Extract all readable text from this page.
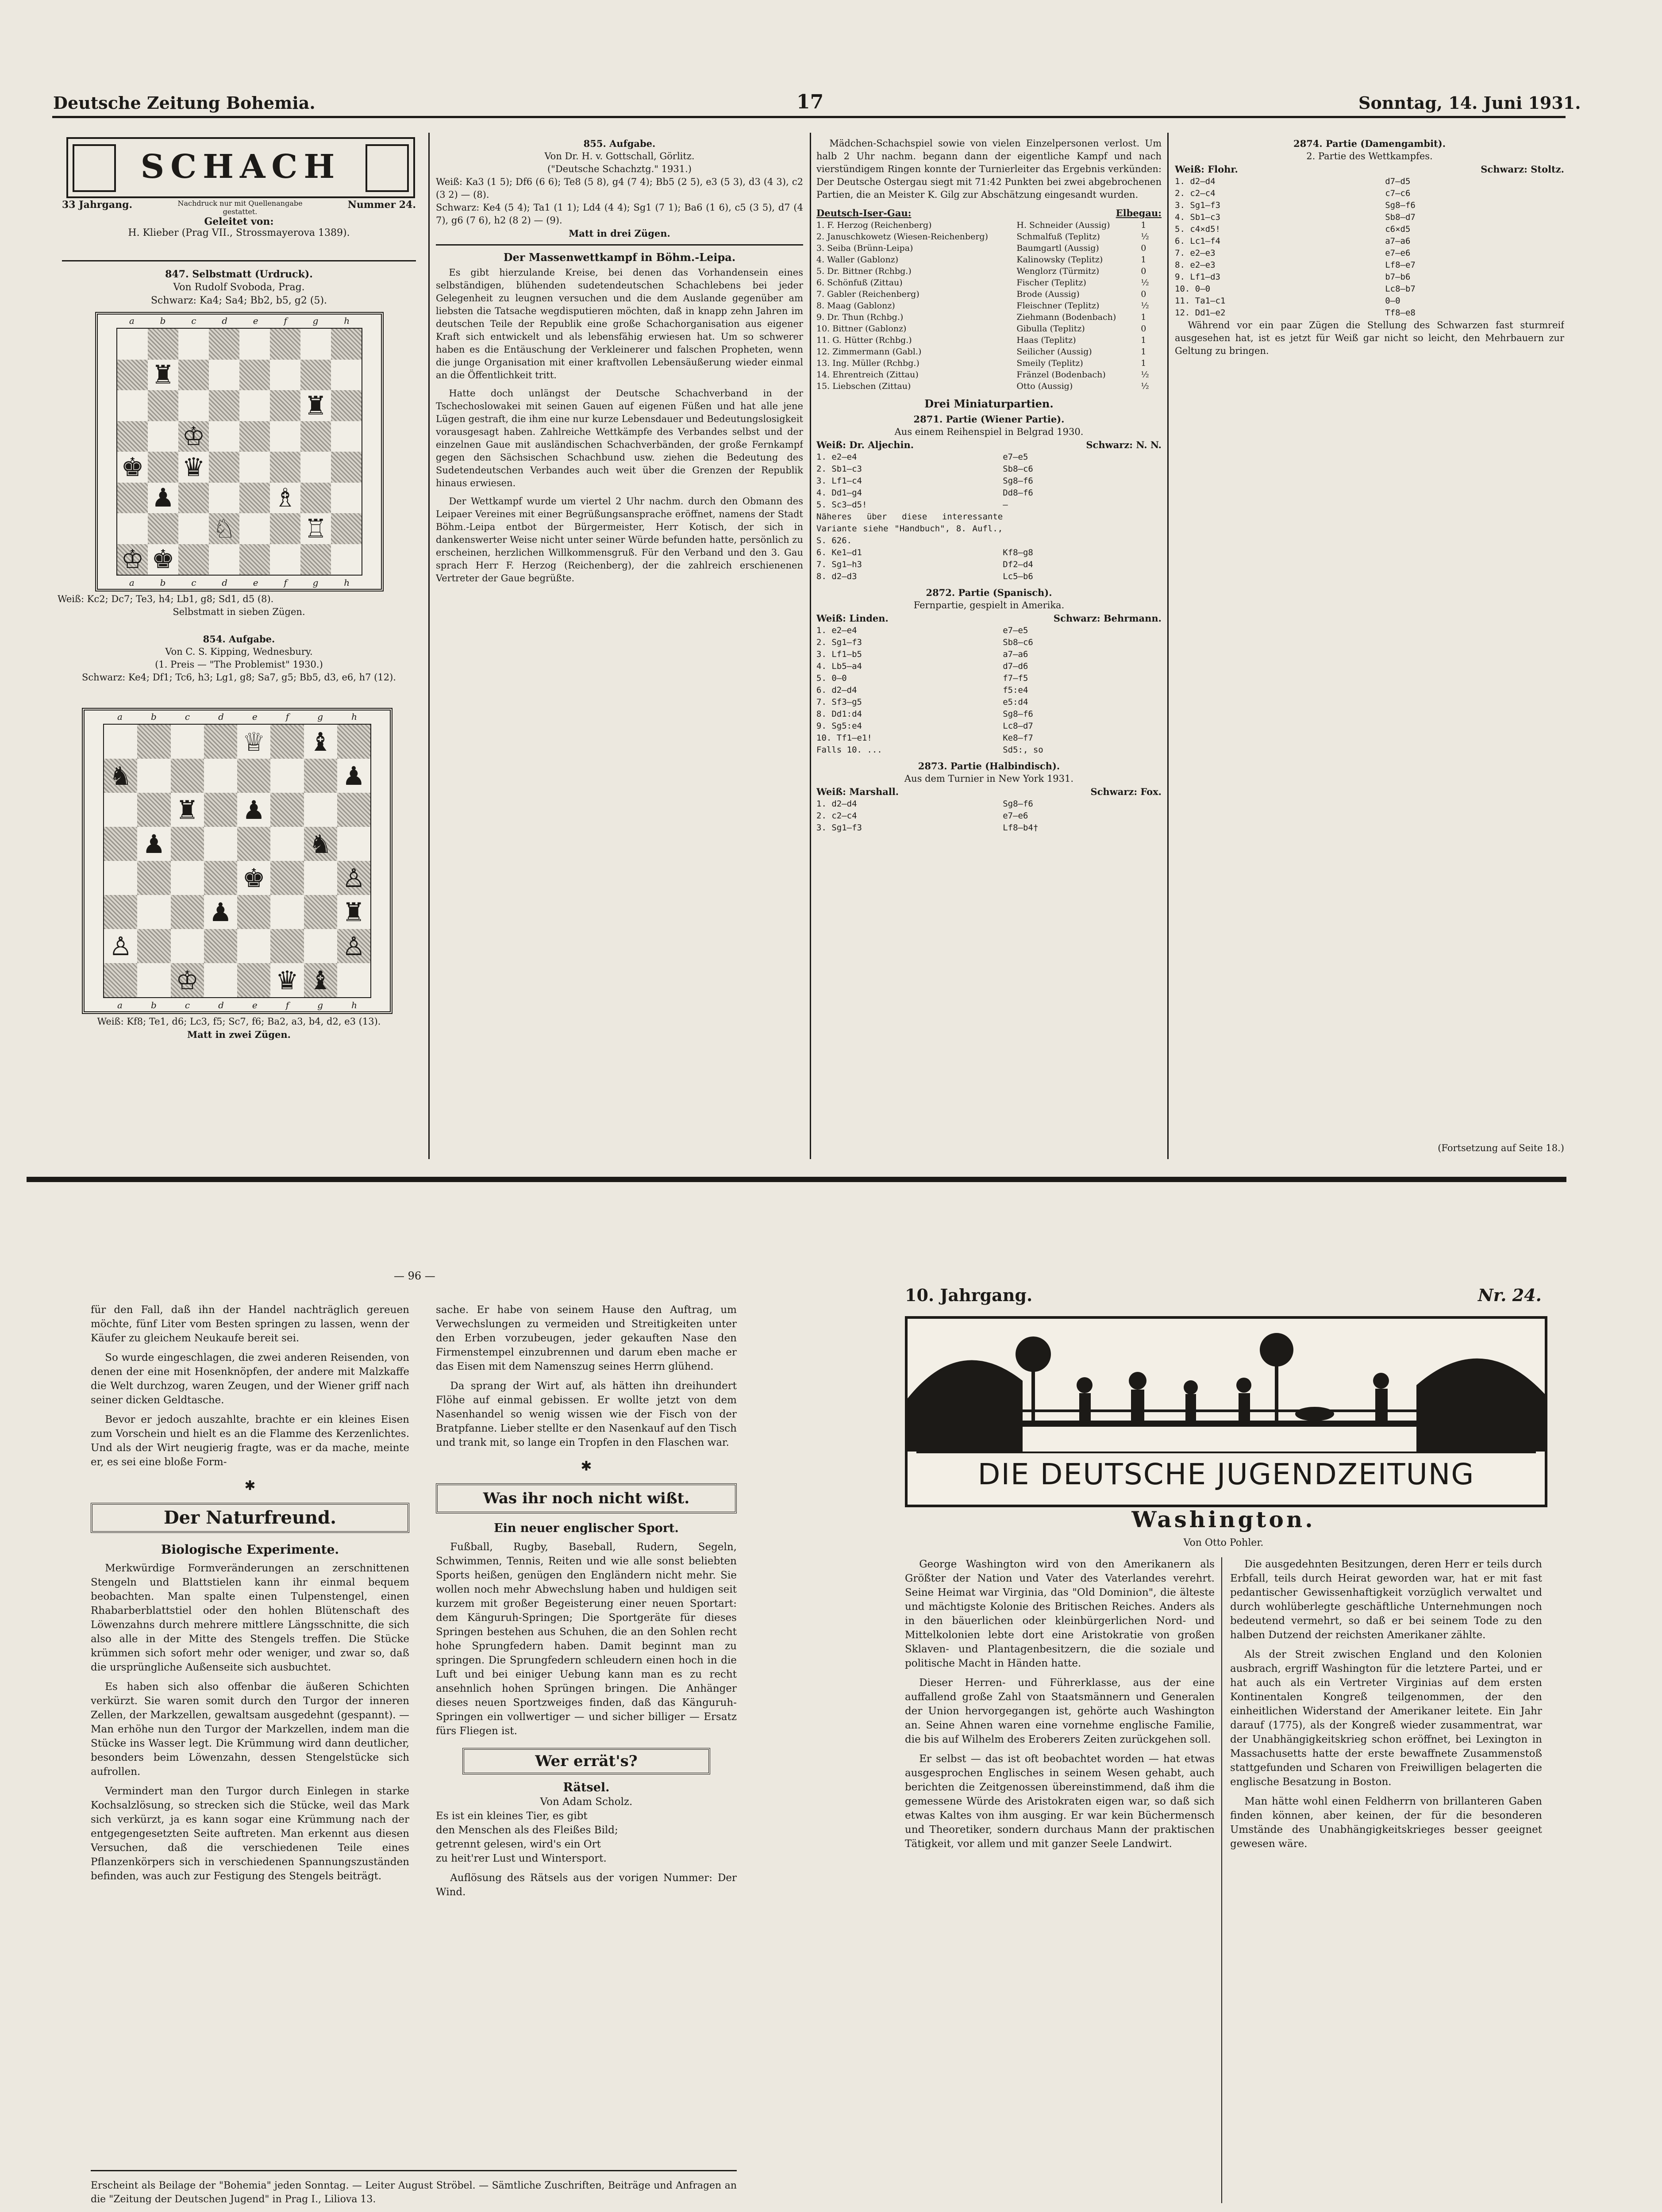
Deutsche Zeitung Bohemia.	17	Sonntag, 14. Juni 1931.
SCHACH
33 Jahrgang.	Nachdruck nur mit Quellenangabe gestattet.
Nummer 24.
Geleitet von:
H. Klieber (Prag VII., Strossmayerova 1389).
847. Selbstmatt (Urdruck).
Von Rudolf Svoboda, Prag.
Schwarz: Ka4; Sa4; Bb2, b5, g2 (5).
a	b	c	d	e	f	g	h
♜
♜
♔
♚ ♛
♟	♗
♘	♖
♔ ♚
a	b	c	d	e	f	g	h
Weiß: Kc2; Dc7; Te3, h4; Lb1, g8; Sd1, d5 (8).
Selbstmatt in sieben Zügen.
854. Aufgabe.
Von C. S. Kipping, Wednesbury.
(1. Preis — "The Problemist" 1930.)
Schwarz: Ke4; Df1; Tc6, h3; Lg1, g8; Sa7, g5; Bb5, d3, e6, h7 (12).
a	b	c	d	e	f	g	h
♕ ♝
♞	♟
♜ ♟
♟	♞
♚	♙
♟	♜
♙	♙
♔	♛ ♝
a	b	c	d	e	f	g	h
Weiß: Kf8; Te1, d6; Lc3, f5; Sc7, f6; Ba2, a3, b4, d2, e3 (13).
Matt in zwei Zügen.
855. Aufgabe.
Von Dr. H. v. Gottschall, Görlitz.
("Deutsche Schachztg." 1931.)
Weiß: Ka3 (1 5); Df6 (6 6); Te8 (5 8), g4 (7 4); Bb5 (2 5), e3 (5 3), d3 (4 3), c2 (3 2) — (8).
Schwarz: Ke4 (5 4); Ta1 (1 1); Ld4 (4 4); Sg1 (7 1); Ba6 (1 6), c5 (3 5), d7 (4 7), g6 (7 6), h2 (8 2) — (9).
Matt in drei Zügen.
Der Massenwettkampf in Böhm.-Leipa.

Es gibt hierzulande Kreise, bei denen das Vorhandensein eines selbständigen, blühenden sudetendeutschen Schachlebens bei jeder Gelegenheit zu leugnen versuchen und die dem Auslande gegenüber am liebsten die Tatsache wegdisputieren möchten, daß in knapp zehn Jahren im deutschen Teile der Republik eine große Schachorganisation aus eigener Kraft sich entwickelt und als lebensfähig erwiesen hat. Um so schwerer haben es die Entäuschung der Verkleinerer und falschen Propheten, wenn die junge Organisation mit einer kraftvollen Lebensäußerung wieder einmal an die Öffentlichkeit tritt.

Hatte doch unlängst der Deutsche Schachverband in der Tschechoslowakei mit seinen Gauen auf eigenen Füßen und hat alle jene Lügen gestraft, die ihm eine nur kurze Lebensdauer und Bedeutungslosigkeit vorausgesagt haben. Zahlreiche Wettkämpfe des Verbandes selbst und der einzelnen Gaue mit ausländischen Schachverbänden, der große Fernkampf gegen den Sächsischen Schachbund usw. ziehen die Bedeutung des Sudetendeutschen Verbandes auch weit über die Grenzen der Republik hinaus erwiesen.

Der Wettkampf wurde um viertel 2 Uhr nachm. durch den Obmann des Leipaer Vereines mit einer Begrüßungsansprache eröffnet, namens der Stadt Böhm.-Leipa entbot der Bürgermeister, Herr Kotisch, der sich in dankenswerter Weise nicht unter seiner Würde befunden hatte, persönlich zu erscheinen, herzlichen Willkommensgruß. Für den Verband und den 3. Gau sprach Herr F. Herzog (Reichenberg), der die zahlreich erschienenen Vertreter der Gaue begrüßte.

Mädchen-Schachspiel sowie von vielen Einzelpersonen verlost. Um halb 2 Uhr nachm. begann dann der eigentliche Kampf und nach vierstündigem Ringen konnte der Turnierleiter das Ergebnis verkünden: Der Deutsche Ostergau siegt mit 71:42 Punkten bei zwei abgebrochenen Partien, die an Meister K. Gilg zur Abschätzung eingesandt wurden.

Deutsch-Iser-Gau:	Elbegau:
1. F. Herzog (Reichenberg)	H. Schneider (Aussig)	1
2. Januschkowetz (Wiesen-Reichenberg)	Schmalfuß (Teplitz)	½
3. Seiba (Brünn-Leipa)	Baumgartl (Aussig)	0
4. Waller (Gablonz)	Kalinowsky (Teplitz)	1
5. Dr. Bittner (Rchbg.)	Wenglorz (Türmitz)	0
6. Schönfuß (Zittau)	Fischer (Teplitz)	½
7. Gabler (Reichenberg)	Brode (Aussig)	0
8. Maag (Gablonz)	Fleischner (Teplitz)	½
9. Dr. Thun (Rchbg.)	Ziehmann (Bodenbach)	1
10. Bittner (Gablonz)	Gibulla (Teplitz)	0
11. G. Hütter (Rchbg.)	Haas (Teplitz)	1
12. Zimmermann (Gabl.)	Seilicher (Aussig)	1
13. Ing. Müller (Rchbg.)	Smeily (Teplitz)	1
14. Ehrentreich (Zittau)	Fränzel (Bodenbach)	½
15. Liebschen (Zittau)	Otto (Aussig)	½
Drei Miniaturpartien.
2871. Partie (Wiener Partie).
Aus einem Reihenspiel in Belgrad 1930.
Weiß: Dr. Aljechin.	Schwarz: N. N.
1. e2—e4	e7—e5
2. Sb1—c3	Sb8—c6
3. Lf1—c4	Sg8—f6
4. Dd1—g4	Dd8—f6
5. Sc3—d5!	—
Näheres über diese interessante Variante siehe "Handbuch", 8. Aufl., S. 626.
6. Ke1—d1	Kf8—g8
7. Sg1—h3	Df2—d4
8. d2—d3	Lc5—b6
2872. Partie (Spanisch).
Fernpartie, gespielt in Amerika.
Weiß: Linden.	Schwarz: Behrmann.
1. e2—e4	e7—e5
2. Sg1—f3	Sb8—c6
3. Lf1—b5	a7—a6
4. Lb5—a4	d7—d6
5. 0—0	f7—f5
6. d2—d4	f5:e4
7. Sf3—g5	e5:d4
8. Dd1:d4	Sg8—f6
9. Sg5:e4	Lc8—d7
10. Tf1—e1!	Ke8—f7
Falls 10. ...	Sd5:, so
2873. Partie (Halbindisch).
Aus dem Turnier in New York 1931.
Weiß: Marshall.	Schwarz: Fox.
1. d2—d4	Sg8—f6
2. c2—c4	e7—e6
3. Sg1—f3	Lf8—b4†
2874. Partie (Damengambit).
2. Partie des Wettkampfes.
Weiß: Flohr.	Schwarz: Stoltz.
1. d2—d4	d7—d5
2. c2—c4	c7—c6
3. Sg1—f3	Sg8—f6
4. Sb1—c3	Sb8—d7
5. c4×d5!	c6×d5
6. Lc1—f4	a7—a6
7. e2—e3	e7—e6
8. e2—e3	Lf8—e7
9. Lf1—d3	b7—b6
10. 0—0	Lc8—b7
11. Ta1—c1	0—0
12. Dd1—e2	Tf8—e8

Während vor ein paar Zügen die Stellung des Schwarzen fast sturmreif ausgesehen hat, ist es jetzt für Weiß gar nicht so leicht, den Mehrbauern zur Geltung zu bringen.

(Fortsetzung auf Seite 18.)
— 96 —

für den Fall, daß ihn der Handel nachträglich gereuen möchte, fünf Liter vom Besten springen zu lassen, wenn der Käufer zu gleichem Neukaufe bereit sei.

So wurde eingeschlagen, die zwei anderen Reisenden, von denen der eine mit Hosenknöpfen, der andere mit Malzkaffe die Welt durchzog, waren Zeugen, und der Wiener griff nach seiner dicken Geldtasche.

Bevor er jedoch auszahlte, brachte er ein kleines Eisen zum Vorschein und hielt es an die Flamme des Kerzenlichtes. Und als der Wirt neugierig fragte, was er da mache, meinte er, es sei eine bloße Form-

✱
Der Naturfreund.
Biologische Experimente.

Merkwürdige Formveränderungen an zerschnittenen Stengeln und Blattstielen kann ihr einmal bequem beobachten. Man spalte einen Tulpenstengel, einen Rhabarberblattstiel oder den hohlen Blütenschaft des Löwenzahns durch mehrere mittlere Längsschnitte, die sich also alle in der Mitte des Stengels treffen. Die Stücke krümmen sich sofort mehr oder weniger, und zwar so, daß die ursprüngliche Außenseite sich ausbuchtet.

Es haben sich also offenbar die äußeren Schichten verkürzt. Sie waren somit durch den Turgor der inneren Zellen, der Markzellen, gewaltsam ausgedehnt (gespannt). — Man erhöhe nun den Turgor der Markzellen, indem man die Stücke ins Wasser legt. Die Krümmung wird dann deutlicher, besonders beim Löwenzahn, dessen Stengelstücke sich aufrollen.

Vermindert man den Turgor durch Einlegen in starke Kochsalzlösung, so strecken sich die Stücke, weil das Mark sich verkürzt, ja es kann sogar eine Krümmung nach der entgegengesetzten Seite auftreten. Man erkennt aus diesen Versuchen, daß die verschiedenen Teile eines Pflanzenkörpers sich in verschiedenen Spannungszuständen befinden, was auch zur Festigung des Stengels beiträgt.

sache. Er habe von seinem Hause den Auftrag, um Verwechslungen zu vermeiden und Streitigkeiten unter den Erben vorzubeugen, jeder gekauften Nase den Firmenstempel einzubrennen und darum eben mache er das Eisen mit dem Namenszug seines Herrn glühend.

Da sprang der Wirt auf, als hätten ihn dreihundert Flöhe auf einmal gebissen. Er wollte jetzt von dem Nasenhandel so wenig wissen wie der Fisch von der Bratpfanne. Lieber stellte er den Nasenkauf auf den Tisch und trank mit, so lange ein Tropfen in den Flaschen war.

✱
Was ihr noch nicht wißt.
Ein neuer englischer Sport.

Fußball, Rugby, Baseball, Rudern, Segeln, Schwimmen, Tennis, Reiten und wie alle sonst beliebten Sports heißen, genügen den Engländern nicht mehr. Sie wollen noch mehr Abwechslung haben und huldigen seit kurzem mit großer Begeisterung einer neuen Sportart: dem Känguruh-Springen; Die Sportgeräte für dieses Springen bestehen aus Schuhen, die an den Sohlen recht hohe Sprungfedern haben. Damit beginnt man zu springen. Die Sprungfedern schleudern einen hoch in die Luft und bei einiger Uebung kann man es zu recht ansehnlich hohen Sprüngen bringen. Die Anhänger dieses neuen Sportzweiges finden, daß das Känguruh-Springen ein vollwertiger — und sicher billiger — Ersatz fürs Fliegen ist.

Wer errät's?
Rätsel.
Von Adam Scholz.
Es ist ein kleines Tier, es gibt
den Menschen als des Fleißes Bild;
getrennt gelesen, wird's ein Ort
zu heit'rer Lust und Wintersport.

Auflösung des Rätsels aus der vorigen Nummer: Der Wind.

Erscheint als Beilage der "Bohemia" jeden Sonntag. — Leiter August Ströbel. — Sämtliche Zuschriften, Beiträge und Anfragen an die "Zeitung der Deutschen Jugend" in Prag I., Liliova 13.
10. Jahrgang.	Nr. 24.
DIE DEUTSCHE JUGENDZEITUNG
Washington.
Von Otto Pohler.

George Washington wird von den Amerikanern als Größter der Nation und Vater des Vaterlandes verehrt. Seine Heimat war Virginia, das "Old Dominion", die älteste und mächtigste Kolonie des Britischen Reiches. Anders als in den bäuerlichen oder kleinbürgerlichen Nord- und Mittelkolonien lebte dort eine Aristokratie von großen Sklaven- und Plantagenbesitzern, die die soziale und politische Macht in Händen hatte.

Dieser Herren- und Führerklasse, aus der eine auffallend große Zahl von Staatsmännern und Generalen der Union hervorgegangen ist, gehörte auch Washington an. Seine Ahnen waren eine vornehme englische Familie, die bis auf Wilhelm des Eroberers Zeiten zurückgehen soll.

Er selbst — das ist oft beobachtet worden — hat etwas ausgesprochen Englisches in seinem Wesen gehabt, auch berichten die Zeitgenossen übereinstimmend, daß ihm die gemessene Würde des Aristokraten eigen war, so daß sich etwas Kaltes von ihm ausging. Er war kein Büchermensch und Theoretiker, sondern durchaus Mann der praktischen Tätigkeit, vor allem und mit ganzer Seele Landwirt.

Die ausgedehnten Besitzungen, deren Herr er teils durch Erbfall, teils durch Heirat geworden war, hat er mit fast pedantischer Gewissenhaftigkeit vorzüglich verwaltet und durch wohlüberlegte geschäftliche Unternehmungen noch bedeutend vermehrt, so daß er bei seinem Tode zu den halben Dutzend der reichsten Amerikaner zählte.

Als der Streit zwischen England und den Kolonien ausbrach, ergriff Washington für die letztere Partei, und er hat auch als ein Vertreter Virginias auf dem ersten Kontinentalen Kongreß teilgenommen, der den einheitlichen Widerstand der Amerikaner leitete. Ein Jahr darauf (1775), als der Kongreß wieder zusammentrat, war der Unabhängigkeitskrieg schon eröffnet, bei Lexington in Massachusetts hatte der erste bewaffnete Zusammenstoß stattgefunden und Scharen von Freiwilligen belagerten die englische Besatzung in Boston.

Man hätte wohl einen Feldherrn von brillanteren Gaben finden können, aber keinen, der für die besonderen Umstände des Unabhängigkeitskrieges besser geeignet gewesen wäre.
